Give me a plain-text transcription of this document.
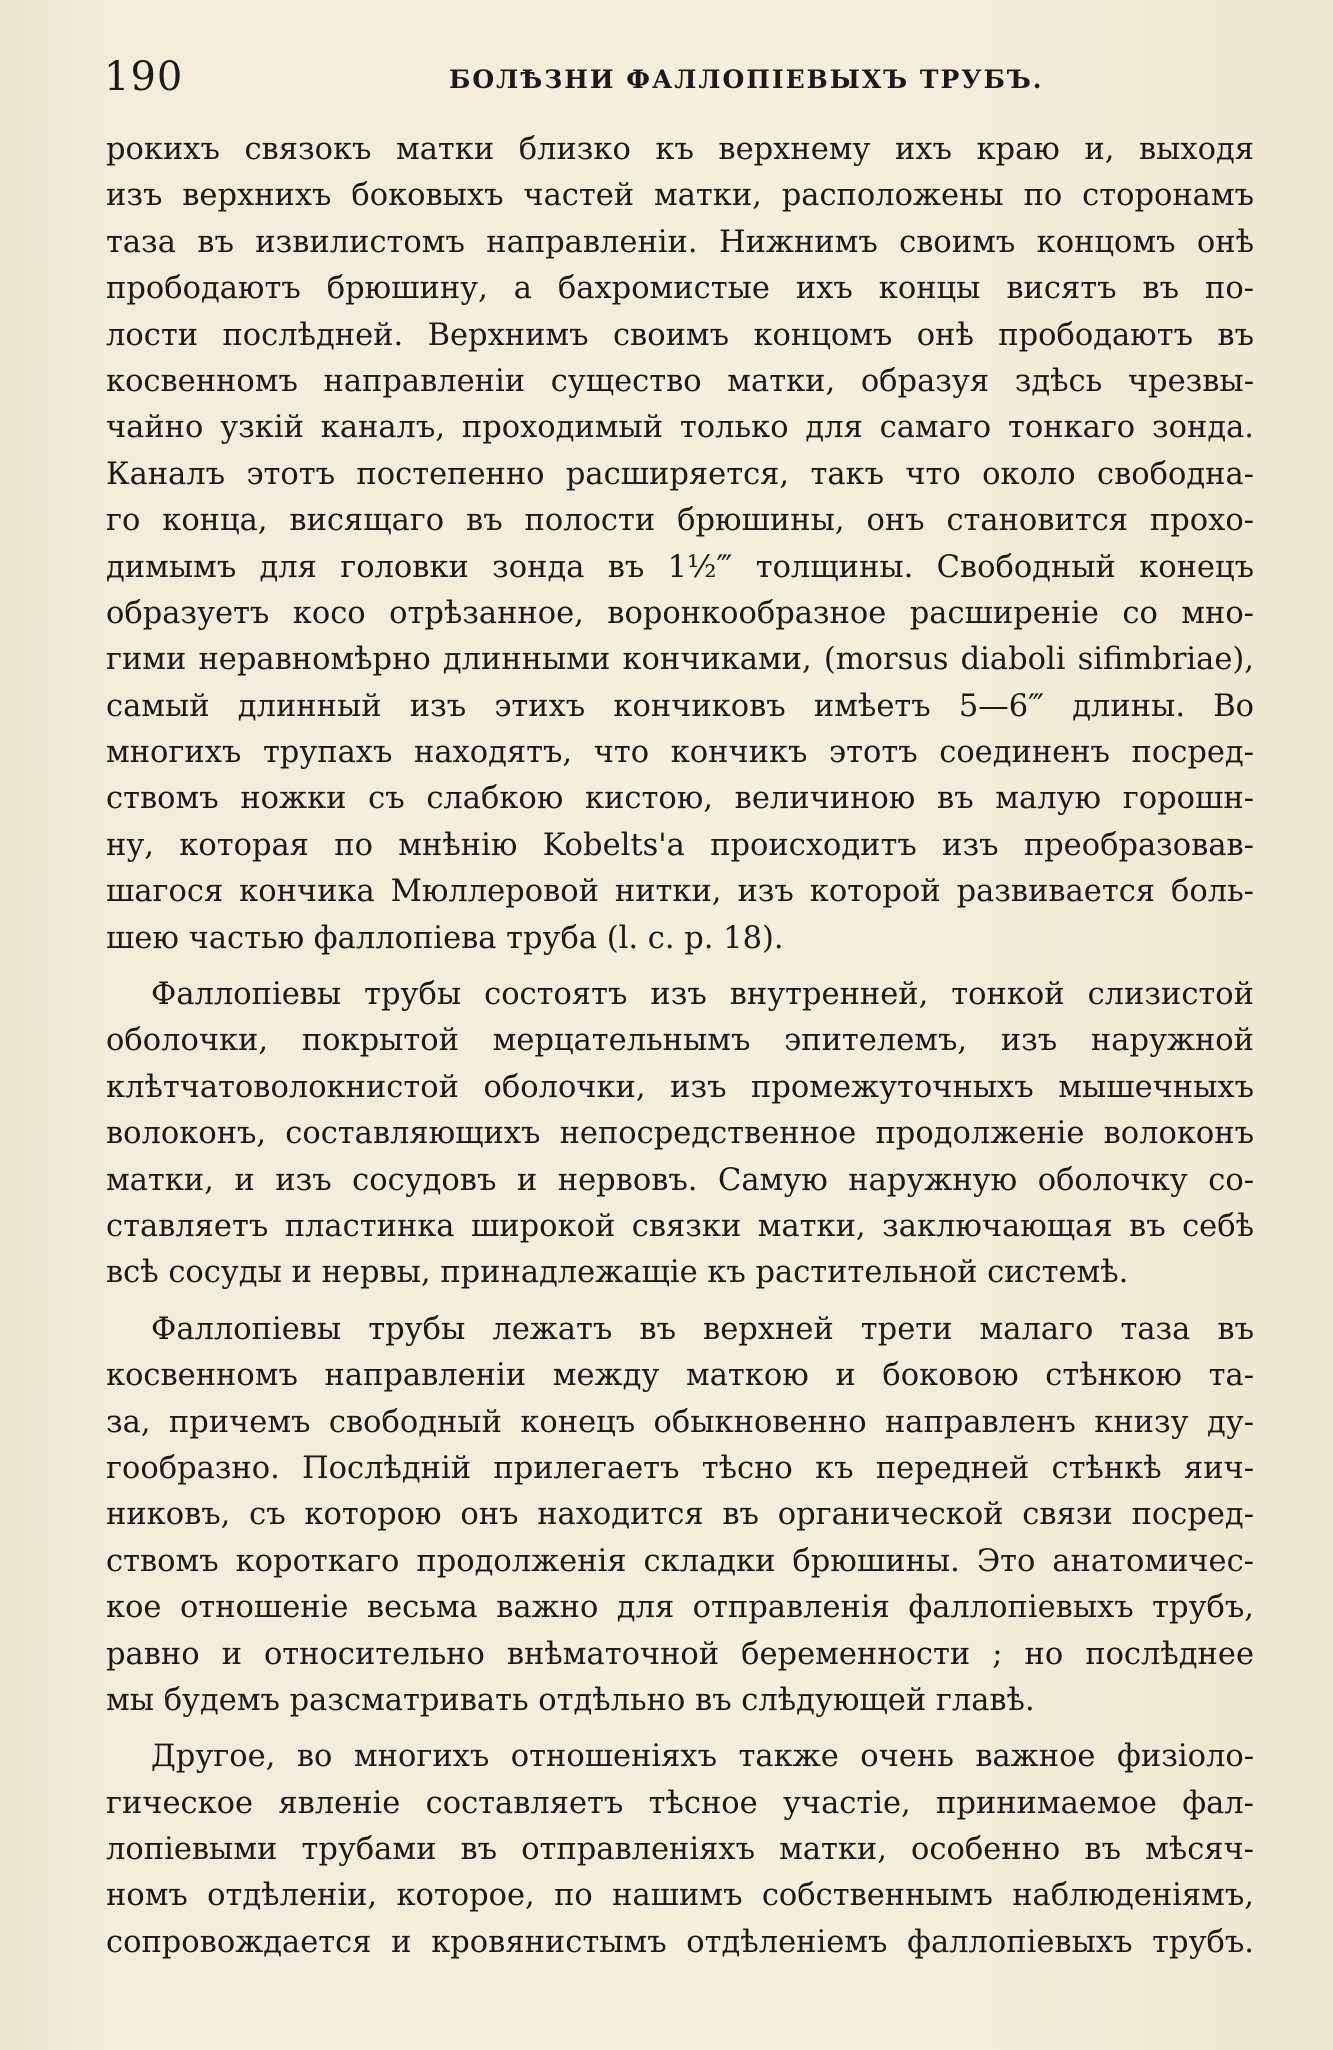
190	БОЛѢЗНИ ФАЛЛОПІЕВЫХЪ ТРУБЪ.
рокихъ связокъ матки близко къ верхнему ихъ краю и, выходя
изъ верхнихъ боковыхъ частей матки, расположены по сторонамъ
таза въ извилистомъ направленіи. Нижнимъ своимъ концомъ онѣ
прободаютъ брюшину, а бахромистые ихъ концы висятъ въ по-
лости послѣдней. Верхнимъ своимъ концомъ онѣ прободаютъ въ
косвенномъ направленіи существо матки, образуя здѣсь чрезвы-
чайно узкій каналъ, проходимый только для самаго тонкаго зонда.
Каналъ этотъ постепенно расширяется, такъ что около свободна-
го конца, висящаго въ полости брюшины, онъ становится прохо-
димымъ для головки зонда въ 1½‴ толщины. Свободный конецъ
образуетъ косо отрѣзанное, воронкообразное расширеніе со мно-
гими неравномѣрно длинными кончиками, (morsus diaboli sifimbriae),
самый длинный изъ этихъ кончиковъ имѣетъ 5—6‴ длины. Во
многихъ трупахъ находятъ, что кончикъ этотъ соединенъ посред-
ствомъ ножки съ слабкою кистою, величиною въ малую горошн-
ну, которая по мнѣнію Kobelts'а происходитъ изъ преобразовав-
шагося кончика Мюллеровой нитки, изъ которой развивается боль-
шею частью фаллопіева труба (l. c. p. 18).
Фаллопіевы трубы состоятъ изъ внутренней, тонкой слизистой
оболочки, покрытой мерцательнымъ эпителемъ, изъ наружной
клѣтчатоволокнистой оболочки, изъ промежуточныхъ мышечныхъ
волоконъ, составляющихъ непосредственное продолженіе волоконъ
матки, и изъ сосудовъ и нервовъ. Самую наружную оболочку со-
ставляетъ пластинка широкой связки матки, заключающая въ себѣ
всѣ сосуды и нервы, принадлежащіе къ растительной системѣ.
Фаллопіевы трубы лежатъ въ верхней трети малаго таза въ
косвенномъ направленіи между маткою и боковою стѣнкою та-
за, причемъ свободный конецъ обыкновенно направленъ книзу ду-
гообразно. Послѣдній прилегаетъ тѣсно къ передней стѣнкѣ яич-
никовъ, съ которою онъ находится въ органической связи посред-
ствомъ короткаго продолженія складки брюшины. Это анатомичес-
кое отношеніе весьма важно для отправленія фаллопіевыхъ трубъ,
равно и относительно внѣматочной беременности ; но послѣднее
мы будемъ разсматривать отдѣльно въ слѣдующей главѣ.
Другое, во многихъ отношеніяхъ также очень важное физіоло-
гическое явленіе составляетъ тѣсное участіе, принимаемое фал-
лопіевыми трубами въ отправленіяхъ матки, особенно въ мѣсяч-
номъ отдѣленіи, которое, по нашимъ собственнымъ наблюденіямъ,
сопровождается и кровянистымъ отдѣленіемъ фаллопіевыхъ трубъ.
